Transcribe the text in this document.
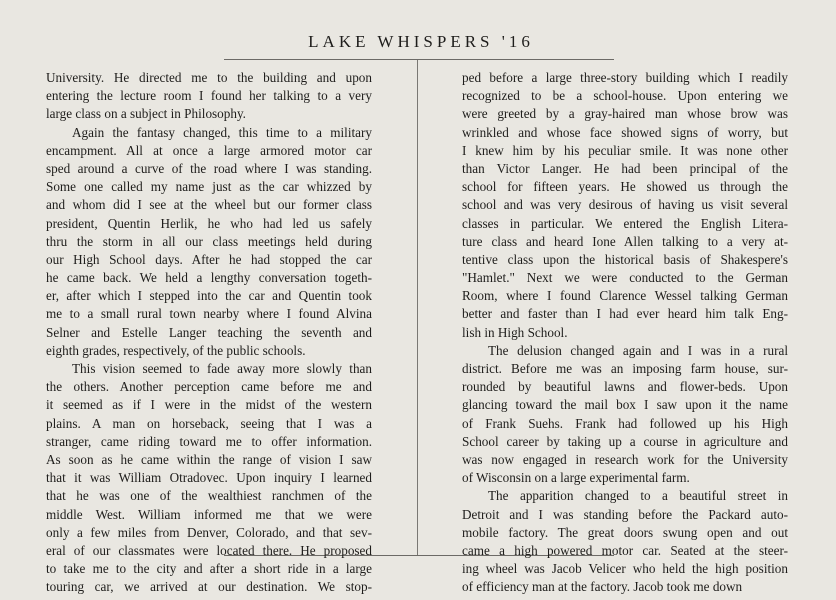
LAKE WHISPERS '16
University. He directed me to the building and upon
entering the lecture room I found her talking to a very
large class on a subject in Philosophy.
Again the fantasy changed, this time to a military
encampment. All at once a large armored motor car
sped around a curve of the road where I was standing.
Some one called my name just as the car whizzed by
and whom did I see at the wheel but our former class
president, Quentin Herlik, he who had led us safely
thru the storm in all our class meetings held during
our High School days. After he had stopped the car
he came back. We held a lengthy conversation togeth-
er, after which I stepped into the car and Quentin took
me to a small rural town nearby where I found Alvina
Selner and Estelle Langer teaching the seventh and
eighth grades, respectively, of the public schools.
This vision seemed to fade away more slowly than
the others. Another perception came before me and
it seemed as if I were in the midst of the western
plains. A man on horseback, seeing that I was a
stranger, came riding toward me to offer information.
As soon as he came within the range of vision I saw
that it was William Otradovec. Upon inquiry I learned
that he was one of the wealthiest ranchmen of the
middle West. William informed me that we were
only a few miles from Denver, Colorado, and that sev-
eral of our classmates were located there. He proposed
to take me to the city and after a short ride in a large
touring car, we arrived at our destination. We stop-
ped before a large three-story building which I readily
recognized to be a school-house. Upon entering we
were greeted by a gray-haired man whose brow was
wrinkled and whose face showed signs of worry, but
I knew him by his peculiar smile. It was none other
than Victor Langer. He had been principal of the
school for fifteen years. He showed us through the
school and was very desirous of having us visit several
classes in particular. We entered the English Litera-
ture class and heard Ione Allen talking to a very at-
tentive class upon the historical basis of Shakespere's
"Hamlet." Next we were conducted to the German
Room, where I found Clarence Wessel talking German
better and faster than I had ever heard him talk Eng-
lish in High School.
The delusion changed again and I was in a rural
district. Before me was an imposing farm house, sur-
rounded by beautiful lawns and flower-beds. Upon
glancing toward the mail box I saw upon it the name
of Frank Suehs. Frank had followed up his High
School career by taking up a course in agriculture and
was now engaged in research work for the University
of Wisconsin on a large experimental farm.
The apparition changed to a beautiful street in
Detroit and I was standing before the Packard auto-
mobile factory. The great doors swung open and out
came a high powered motor car. Seated at the steer-
ing wheel was Jacob Velicer who held the high position
of efficiency man at the factory. Jacob took me down
